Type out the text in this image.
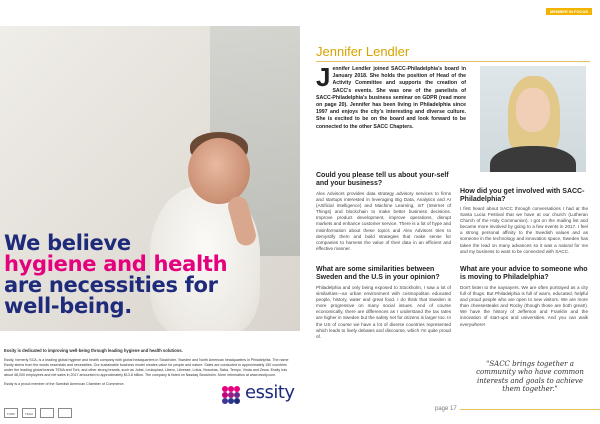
We believe
hygiene and health
are necessities for
well-being.

Essity is dedicated to improving well-being through leading hygiene and health solutions.

Essity, formerly SCA, is a leading global hygiene and health company with global headquarters in Stockholm, Sweden and North American headquarters in Philadelphia. The name Essity stems from the words essentials and necessities. Our sustainable business model creates value for people and nature. Sales are conducted in approximately 150 countries under the leading global brands TENA and Tork, and other strong brands, such as Jobst, Leukoplast, Libero, Libresse, Lotus, Nosotras, Saba, Tempo, Vinda and Zewa. Essity has about 48,000 employees and net sales in 2017 amounted to approximately $13.8 billion. The company is listed on Nasdaq Stockholm. More information at www.essity.com.

Essity is a proud member of the Swedish American Chamber of Commerce.

TORK	TENA
essity
MEMBER IN FOCUS
Jennifer Lendler
J ennifer Lendler joined SACC-Philadelphia's board in January 2018. She holds the position of Head of the Activity Committee and supports the creation of SACC's events. She was one of the panelists of SACC-Philadelphia's business seminar on GDPR (read more on page 20). Jennifer has been living in Philadelphia since 1997 and enjoys the city's interesting and diverse culture. She is excited to be on the board and look forward to be connected to the other SACC Chapters.
Could you please tell us about your-self and your business?
Alex Advisors provides data strategy advisory services to firms and startups interested in leveraging Big Data, Analytics and AI (Artificial Intelligence) and Machine Learning, IoT (Internet of Things) and blockchain to make better business decisions. Improve product development, improve operations, disrupt markets and enhance customer service. There is a lot of hype and misinformation about these topics and Alex Advisors tries to demystify them and build strategies that make sense for companies to harness the value of their data in an efficient and effective manner.
How did you get involved with SACC- Philadelphia?
I first heard about SACC through conversations I had at the Santa Lucia Festival that we have at our church (Lutheran Church of the Holy Communion). I got on the mailing list and became more involved by going to a few events in 2017. I feel a strong personal affinity to the Swedish values and as someone in the technology and innovation space, Sweden has taken the lead on many advances so it was a natural for me and my business to want to be connected with SACC.
What are some similarities between Sweden and the U.S in your opinion?
Philadelphia and only being exposed to Stockholm, I saw a lot of similarities—an urban environment with cosmopolitan educated people, history, water and great food. I do think that Sweden is more progressive on many social issues. And of course economically, there are differences as I understand the tax rates are higher in Sweden but the safety net for citizens is larger too. In the US of course we have a lot of diverse countries represented which leads to lively debates and discourse, which I'm quite proud of.
What are your advice to someone who is moving to Philadelphia?
Don't listen to the naysayers. We are often portrayed as a city full of thugs. But Philadelphia is full of warm, educated, helpful and proud people who are open to new visitors. We are more than cheesesteaks and Rocky (though those are both great!). We have the history of Jefferson and Franklin and the innovation of start-ups and universities. And you can walk everywhere!
"SACC brings together a community who have common interests and goals to achieve them together."
page 17
